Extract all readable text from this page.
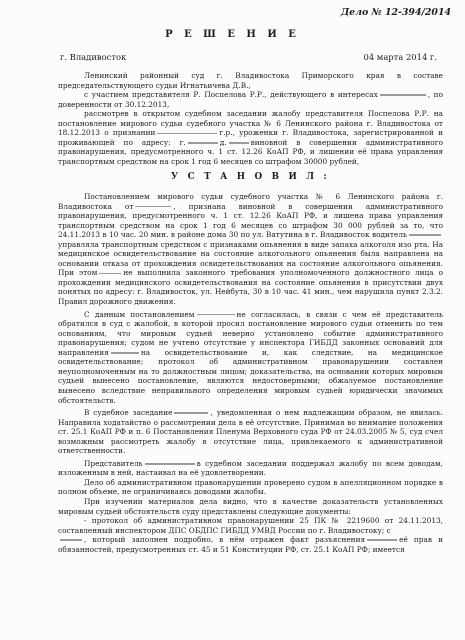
Дело № 12-394/2014
Р Е Ш Е Н И Е
г. Владивосток	04 марта 2014 г.

Ленинский районный суд г. Владивостока Приморского края в составе председательствующего судьи Игнатьичева Д.В.,

с участием представителя Р. Поспелова Р.Р., действующего в интересах	, по доверенности от 30.12.2013,

рассмотрев в открытом судебном заседании жалобу представителя Поспелова Р.Р. на постановление мирового судьи судебного участка № 6 Ленинского района г. Владивостока от 18.12.2013 о признании	г.р., уроженки г. Владивостока, зарегистрированной и проживающей по адресу: г.	д.	виновной в совершении административного правонарушения, предусмотренного ч. 1 ст. 12.26 КоАП РФ, и лишении её права управления транспортным средством на срок 1 год 6 месяцев со штрафом 30000 рублей,

У С Т А Н О В И Л :

Постановлением мирового судьи судебного участка № 6 Ленинского района г. Владивостока от	, признана виновной в совершении административного правонарушения, предусмотренного ч. 1 ст. 12.26 КоАП РФ, и лишена права управления транспортным средством на срок 1 год 6 месяцев со штрафом 30 000 рублей за то, что 24.11.2013 в 10 час. 20 мин. в районе дома 30 по ул. Ватутина в г. Владивосток водительуправляла транспортным средством с признаками опьянения в виде запаха алкоголя изо рта. На медицинское освидетельствование на состояние алкогольного опьянения была направлена на основании отказа от прохождения освидетельствования на состояние алкогольного опьянения. При этом	не выполнила законного требования уполномоченного должностного лица о прохождении медицинского освидетельствования на состояние опьянения в присутствии двух понятых по адресу: г. Владивосток, ул. Нейбута, 30 в 10 час. 41 мин., чем нарушила пункт 2.3.2. Правил дорожного движения.

С данным постановлением	не согласилась, в связи с чем её представитель обратился в суд с жалобой, в которой просил постановление мирового судьи отменить по тем основаниям, что мировым судьей неверно установлено событие административного правонарушения; судом не учтено отсутствие у инспектора ГИБДД законных оснований для направления	на освидетельствование и, как следствие, на медицинское освидетельствование; протокол об административном правонарушении составлен неуполномоченным на то должностным лицом; доказательства, на основании которых мировым судьей вынесено постановление, являются недостоверными; обжалуемое постановление вынесено вследствие неправильного определения мировым судьей юридически значимых обстоятельств.

В судебное заседание	, уведомленная о нем надлежащим образом, не явилась. Направила ходатайство о рассмотрении дела в её отсутствие. Принимая во внимание положения ст. 25.1 КоАП РФ и п. 6 Постановления Пленума Верховного суда РФ от 24.03.2005 № 5, суд счел возможным рассмотреть жалобу в отсутствие лица, привлекаемого к административной ответственности.

Представитель	в судебном заседании поддержал жалобу по всем доводам, изложенным в ней, настаивал на её удовлетворении.

Дело об административном правонарушении проверено судом в апелляционном порядке в полном объеме, не ограничиваясь доводами жалобы.

При изучении материалов дела видно, что в качестве доказательств установленных мировым судьей обстоятельств суду представлены следующие документы:

- протокол об административном правонарушении 25 ПК № 2219600 от 24.11.2013, составленный инспектором ДПС ОБДПС ГИБДД УМВД России по г. Владивостоку; с

, который заполнен подробно, в нём отражен факт разъяснения	её прав и обязанностей, предусмотренных ст. 45 и 51 Конституции РФ, ст. 25.1 КоАП РФ; имеется
